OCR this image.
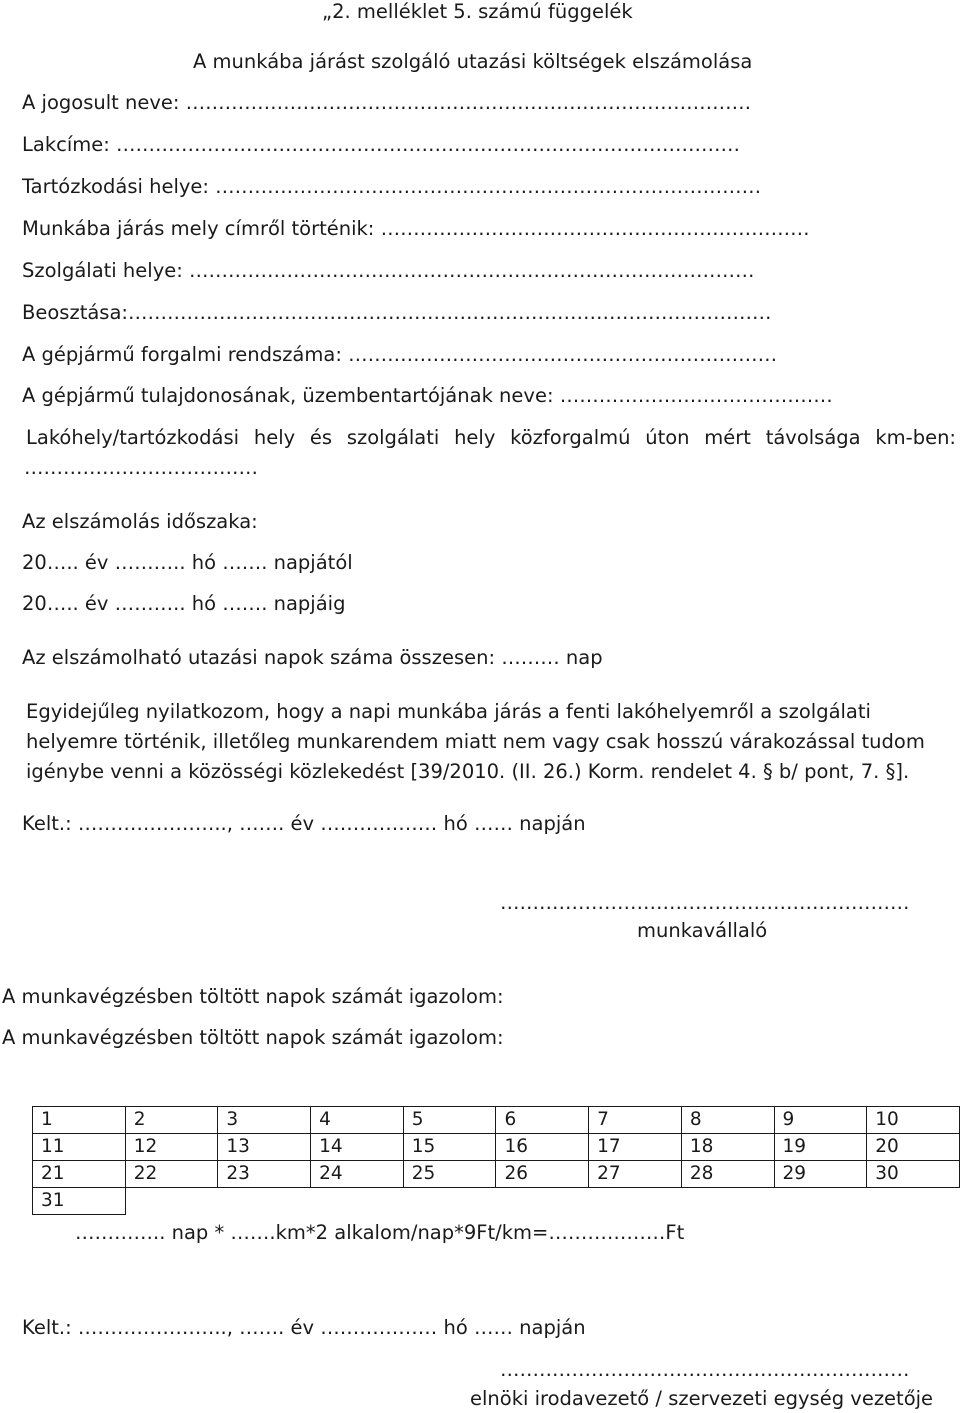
„2. melléklet 5. számú függelék
A munkába járást szolgáló utazási költségek elszámolása
A jogosult neve: ……………………………………………………………………………
Lakcíme: ……………………………………………………………………………………
Tartózkodási helye: …………………………………………………………………………
Munkába járás mely címről történik: …………………………………………………………
Szolgálati helye: ……………………………………………………………………………
Beosztása:………………………………………………………………………………………
A gépjármű forgalmi rendszáma: …………………………………………………………
A gépjármű tulajdonosának, üzembentartójának neve: ……………………………………
Lakóhely/tartózkodási hely és szolgálati hely közforgalmú úton mért távolsága km-ben:
………………………………
Az elszámolás időszaka:
20….. év ……….. hó ……. napjától
20….. év ……….. hó ……. napjáig
Az elszámolható utazási napok száma összesen: ……… nap
Egyidejűleg nyilatkozom, hogy a napi munkába járás a fenti lakóhelyemről a szolgálati helyemre történik, illetőleg munkarendem miatt nem vagy csak hosszú várakozással tudom igénybe venni a közösségi közlekedést [39/2010. (II. 26.) Korm. rendelet 4. § b/ pont, 7. §].
Kelt.: ………………….., ……. év ……………… hó …… napján
………………………………………………………
munkavállaló
A munkavégzésben töltött napok számát igazolom:
A munkavégzésben töltött napok számát igazolom:
1	2	3	4	5	6	7	8	9	10
11	12	13	14	15	16	17	18	19	20
21	22	23	24	25	26	27	28	29	30
31									
………….. nap * …….km*2 alkalom/nap*9Ft/km=………………Ft
Kelt.: ………………….., ……. év ……………… hó …… napján
………………………………………………………
elnöki irodavezető / szervezeti egység vezetője
